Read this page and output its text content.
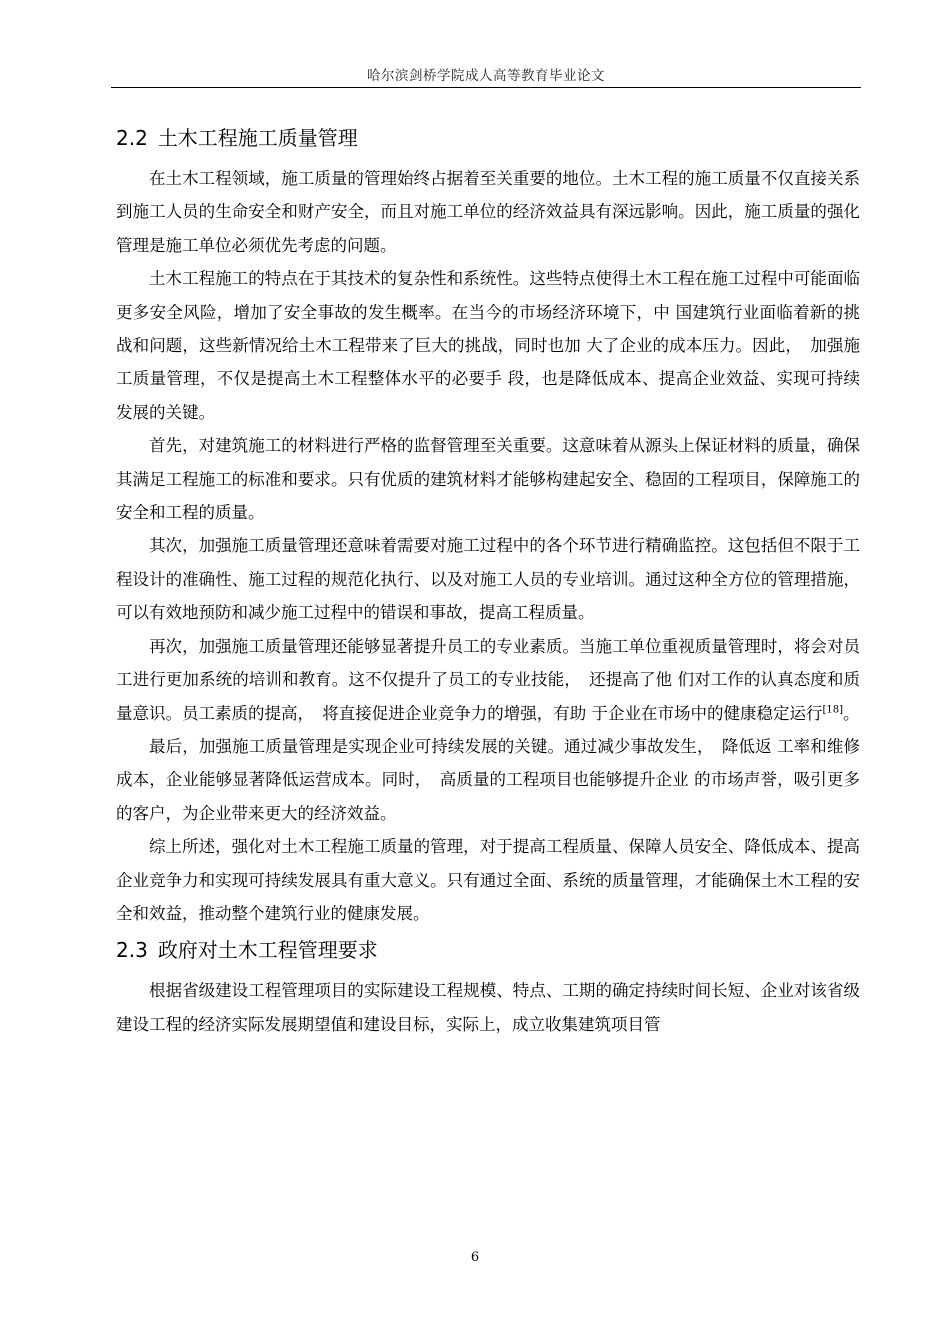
哈尔滨剑桥学院成人高等教育毕业论文
2.2 土木工程施工质量管理

在土木工程领域，施工质量的管理始终占据着至关重要的地位。土木工程的施工质量不仅直接关系到施工人员的生命安全和财产安全，而且对施工单位的经济效益具有深远影响。因此，施工质量的强化管理是施工单位必须优先考虑的问题。

土木工程施工的特点在于其技术的复杂性和系统性。这些特点使得土木工程在施工过程中可能面临更多安全风险，增加了安全事故的发生概率。在当今的市场经济环境下，中 国建筑行业面临着新的挑战和问题，这些新情况给土木工程带来了巨大的挑战，同时也加 大了企业的成本压力。因此，　加强施工质量管理，不仅是提高土木工程整体水平的必要手 段，也是降低成本、提高企业效益、实现可持续发展的关键。

首先，对建筑施工的材料进行严格的监督管理至关重要。这意味着从源头上保证材料的质量，确保其满足工程施工的标准和要求。只有优质的建筑材料才能够构建起安全、稳固的工程项目，保障施工的安全和工程的质量。

其次，加强施工质量管理还意味着需要对施工过程中的各个环节进行精确监控。这包括但不限于工程设计的准确性、施工过程的规范化执行、以及对施工人员的专业培训。通过这种全方位的管理措施，可以有效地预防和减少施工过程中的错误和事故，提高工程质量。

再次，加强施工质量管理还能够显著提升员工的专业素质。当施工单位重视质量管理时，将会对员工进行更加系统的培训和教育。这不仅提升了员工的专业技能，　还提高了他 们对工作的认真态度和质量意识。员工素质的提高，　将直接促进企业竞争力的增强，有助 于企业在市场中的健康稳定运行[18]。

最后，加强施工质量管理是实现企业可持续发展的关键。通过减少事故发生，　降低返 工率和维修成本，企业能够显著降低运营成本。同时，　高质量的工程项目也能够提升企业 的市场声誉，吸引更多的客户，为企业带来更大的经济效益。

综上所述，强化对土木工程施工质量的管理，对于提高工程质量、保障人员安全、降低成本、提高企业竞争力和实现可持续发展具有重大意义。只有通过全面、系统的质量管理，才能确保土木工程的安全和效益，推动整个建筑行业的健康发展。

2.3 政府对土木工程管理要求

根据省级建设工程管理项目的实际建设工程规模、特点、工期的确定持续时间长短、企业对该省级建设工程的经济实际发展期望值和建设目标，实际上，成立收集建筑项目管

6
